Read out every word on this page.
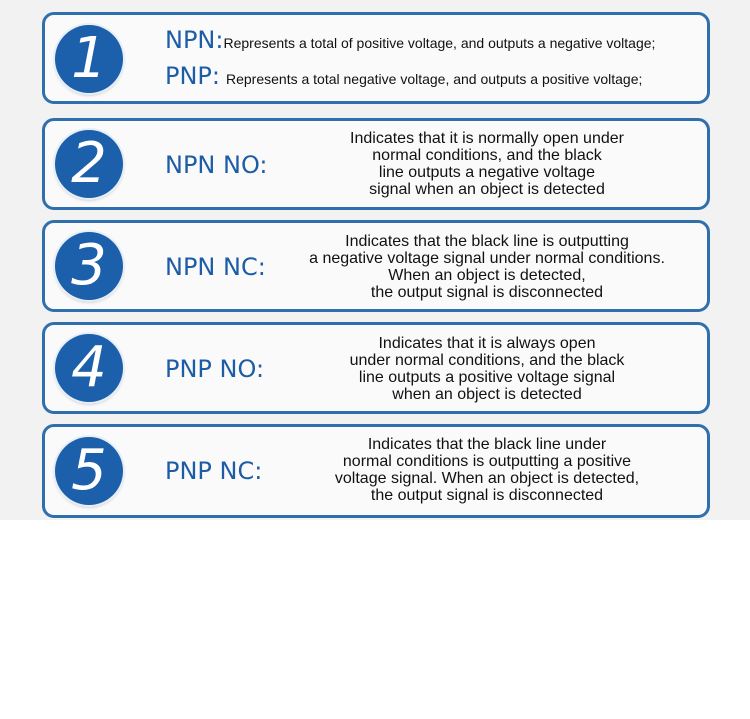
1	NPN:Represents a total of positive voltage, and outputs a negative voltage;
PNP: Represents a total negative voltage, and outputs a positive voltage;
2	NPN NO:
Indicates that it is normally open under
normal conditions, and the black
line outputs a negative voltage
signal when an object is detected
3	NPN NC:
Indicates that the black line is outputting
a negative voltage signal under normal conditions.
When an object is detected,
the output signal is disconnected
4	PNP NO:
Indicates that it is always open
under normal conditions, and the black
line outputs a positive voltage signal
when an object is detected
5	PNP NC:
Indicates that the black line under
normal conditions is outputting a positive
voltage signal. When an object is detected,
the output signal is disconnected
